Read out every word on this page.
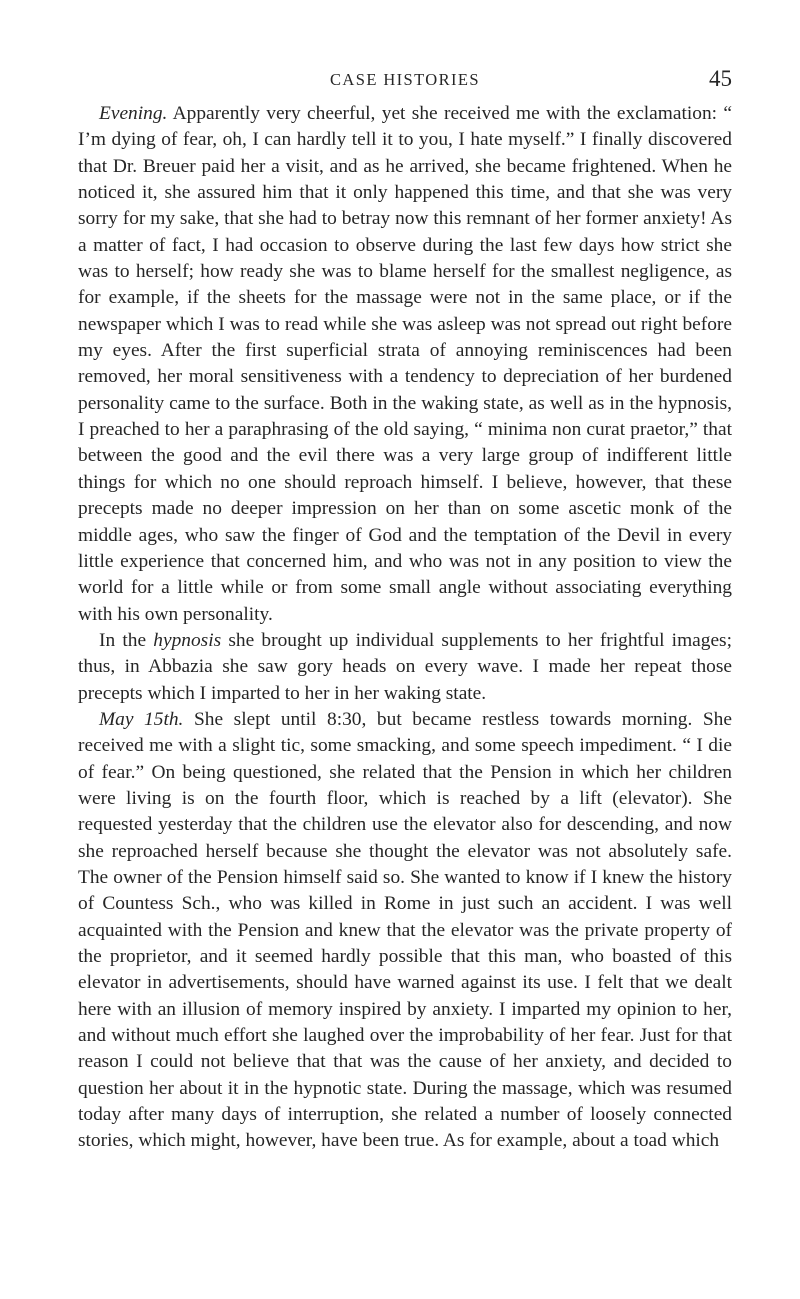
CASE HISTORIES	45

Evening. Apparently very cheerful, yet she received me with the exclamation: “ I’m dying of fear, oh, I can hardly tell it to you, I hate myself.” I finally discovered that Dr. Breuer paid her a visit, and as he arrived, she became frightened. When he noticed it, she assured him that it only happened this time, and that she was very sorry for my sake, that she had to betray now this remnant of her former anxiety! As a matter of fact, I had occasion to observe during the last few days how strict she was to herself; how ready she was to blame herself for the smallest negligence, as for example, if the sheets for the massage were not in the same place, or if the newspaper which I was to read while she was asleep was not spread out right before my eyes. After the first superficial strata of annoying reminiscences had been removed, her moral sensitiveness with a tendency to depreciation of her burdened personality came to the surface. Both in the waking state, as well as in the hypnosis, I preached to her a paraphrasing of the old saying, “ minima non curat praetor,” that between the good and the evil there was a very large group of indifferent little things for which no one should reproach himself. I believe, however, that these precepts made no deeper impression on her than on some ascetic monk of the middle ages, who saw the finger of God and the temptation of the Devil in every little experience that concerned him, and who was not in any position to view the world for a little while or from some small angle without associating everything with his own personality.

In the hypnosis she brought up individual supplements to her frightful images; thus, in Abbazia she saw gory heads on every wave. I made her repeat those precepts which I imparted to her in her waking state.

May 15th. She slept until 8:30, but became restless towards morning. She received me with a slight tic, some smacking, and some speech impediment. “ I die of fear.” On being questioned, she related that the Pension in which her children were living is on the fourth floor, which is reached by a lift (elevator). She requested yesterday that the children use the elevator also for descending, and now she reproached herself because she thought the elevator was not absolutely safe. The owner of the Pension himself said so. She wanted to know if I knew the history of Countess Sch., who was killed in Rome in just such an accident. I was well acquainted with the Pension and knew that the elevator was the private property of the proprietor, and it seemed hardly possible that this man, who boasted of this elevator in advertisements, should have warned against its use. I felt that we dealt here with an illusion of memory inspired by anxiety. I imparted my opinion to her, and without much effort she laughed over the improbability of her fear. Just for that reason I could not believe that that was the cause of her anxiety, and decided to question her about it in the hypnotic state. During the massage, which was resumed today after many days of interruption, she related a number of loosely connected stories, which might, however, have been true. As for example, about a toad which
